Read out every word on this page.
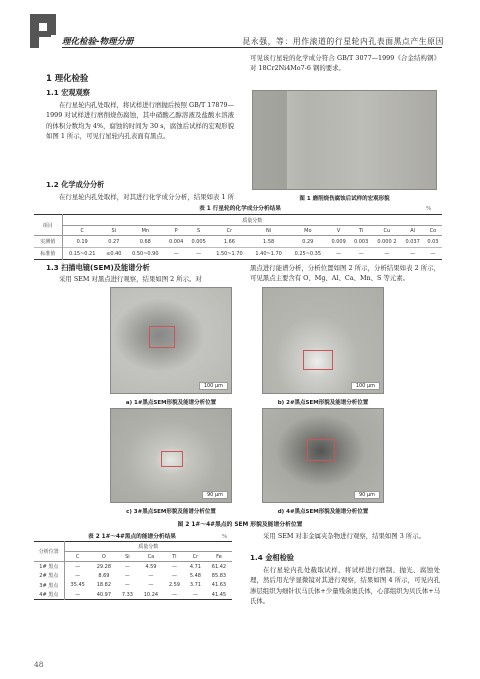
理化检验-物理分册	昆永强，等：用作滚道的行星轮内孔表面黑点产生原因
1 理化检验
1.1 宏观观察
在行星轮内孔处取样，将试样进行磨抛后按照 GB/T 17879—1999 对试样进行磨削烧伤腐蚀，其中硝酸乙醇溶液及盐酸水溶液的体积分数均为 4%，腐蚀的时间为 30 s，腐蚀后试样的宏观形貌如图 1 所示，可见行星轮内孔表面有黑点。
1.2 化学成分分析
在行星轮内孔处取样，对其进行化学成分分析，结果如表 1 所
可见该行星轮的化学成分符合 GB/T 3077—1999《合金结构钢》对 18Cr2Ni4Mo7-6 钢的要求。
图 1 磨削烧伤腐蚀后试样的宏观形貌
表 1 行星轮的化学成分分析结果	%
项目	质量分数												
	C	Si	Mn	P	S	Cr	Ni	Mo	V	Ti	Cu	Al	Co
实测值	0.19	0.27	0.68	0.004	0.005	1.66	1.58	0.29	0.009	0.003	0.000 2	0.037	0.03
标准值	0.15~0.21	≤0.40	0.50~0.90	—	—	1.50~1.70	1.40~1.70	0.25~0.35	—	—	—	—	—
1.3 扫描电镜(SEM)及能谱分析
采用 SEM 对黑点进行观察，结果如图 2 所示。对
黑点进行能谱分析，分析位置如图 2 所示，分析结果如表 2 所示，可见黑点主要含有 O、Mg、Al、Ca、Mn、S 等元素。
100 μm
a) 1#黑点SEM形貌及能谱分析位置
100 μm
b) 2#黑点SEM形貌及能谱分析位置
90 μm
c) 3#黑点SEM形貌及能谱分析位置
90 μm
d) 4#黑点SEM形貌及能谱分析位置
图 2 1#～4#黑点的 SEM 形貌及能谱分析位置
表 2 1#～4#黑点的能谱分析结果	%
分析位置	质量分数						
	C	O	Si	Ca	Ti	Cr	Fe
1# 黑点	—	29.28	—	4.59	—	4.71	61.42
2# 黑点	—	8.69	—	—	—	5.48	85.83
3# 黑点	35.45	18.82	—	—	2.59	3.71	41.63
4# 黑点	—	40.97	7.33	10.24	—	—	41.45
采用 SEM 对非金属夹杂物进行观察，结果如图 3 所示。
1.4 金相检验
在行星轮内孔处截取试样，将试样进行磨制、抛光、腐蚀处理，然后用光学显微镜对其进行观察，结果如图 4 所示，可见内孔渗层组织为细针状马氏体+少量残余奥氏体，心部组织为贝氏体+马氏体。
48
